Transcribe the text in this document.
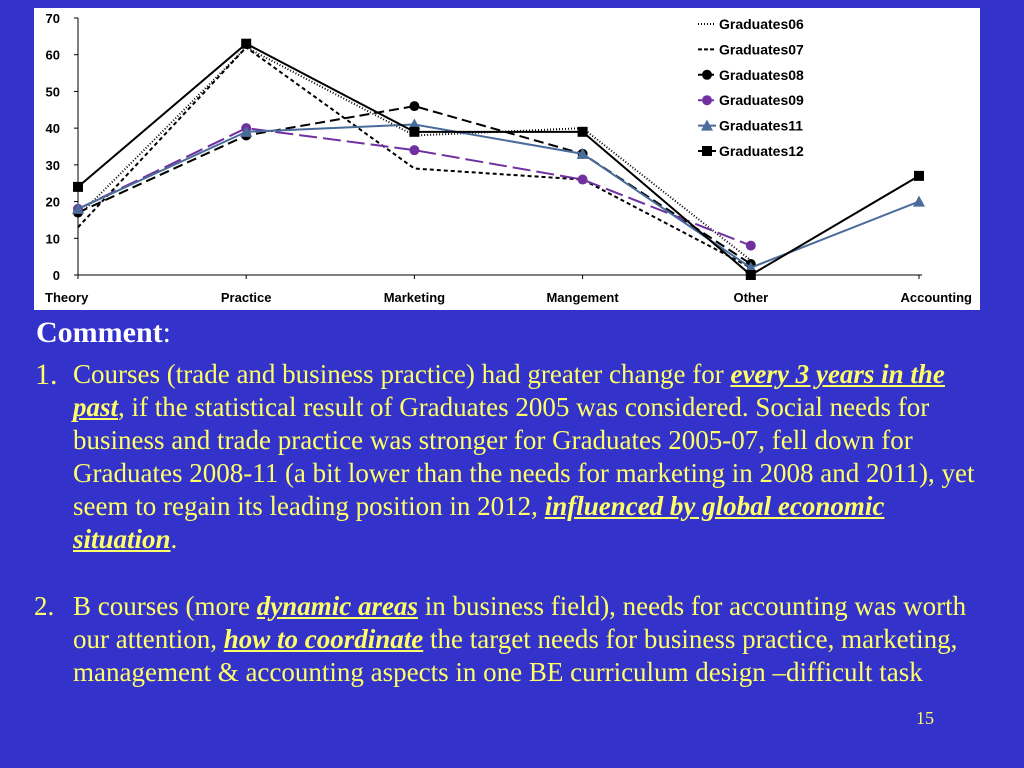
0
10
20
30
40
50
60
70
Theory	Practice	Marketing	Mangement	Other	Accounting
Graduates06
Graduates07
Graduates08
Graduates09
Graduates11
Graduates12
Comment:
1. Courses (trade and business practice) had greater change for every 3 years in the past, if the statistical result of Graduates 2005 was considered. Social needs for business and trade practice was stronger for Graduates 2005-07, fell down for Graduates 2008-11 (a bit lower than the needs for marketing in 2008 and 2011), yet seem to regain its leading position in 2012, influenced by global economic situation.
2. B courses (more dynamic areas in business field), needs for accounting was worth our attention, how to coordinate the target needs for business practice, marketing, management & accounting aspects in one BE curriculum design –difficult task
15
